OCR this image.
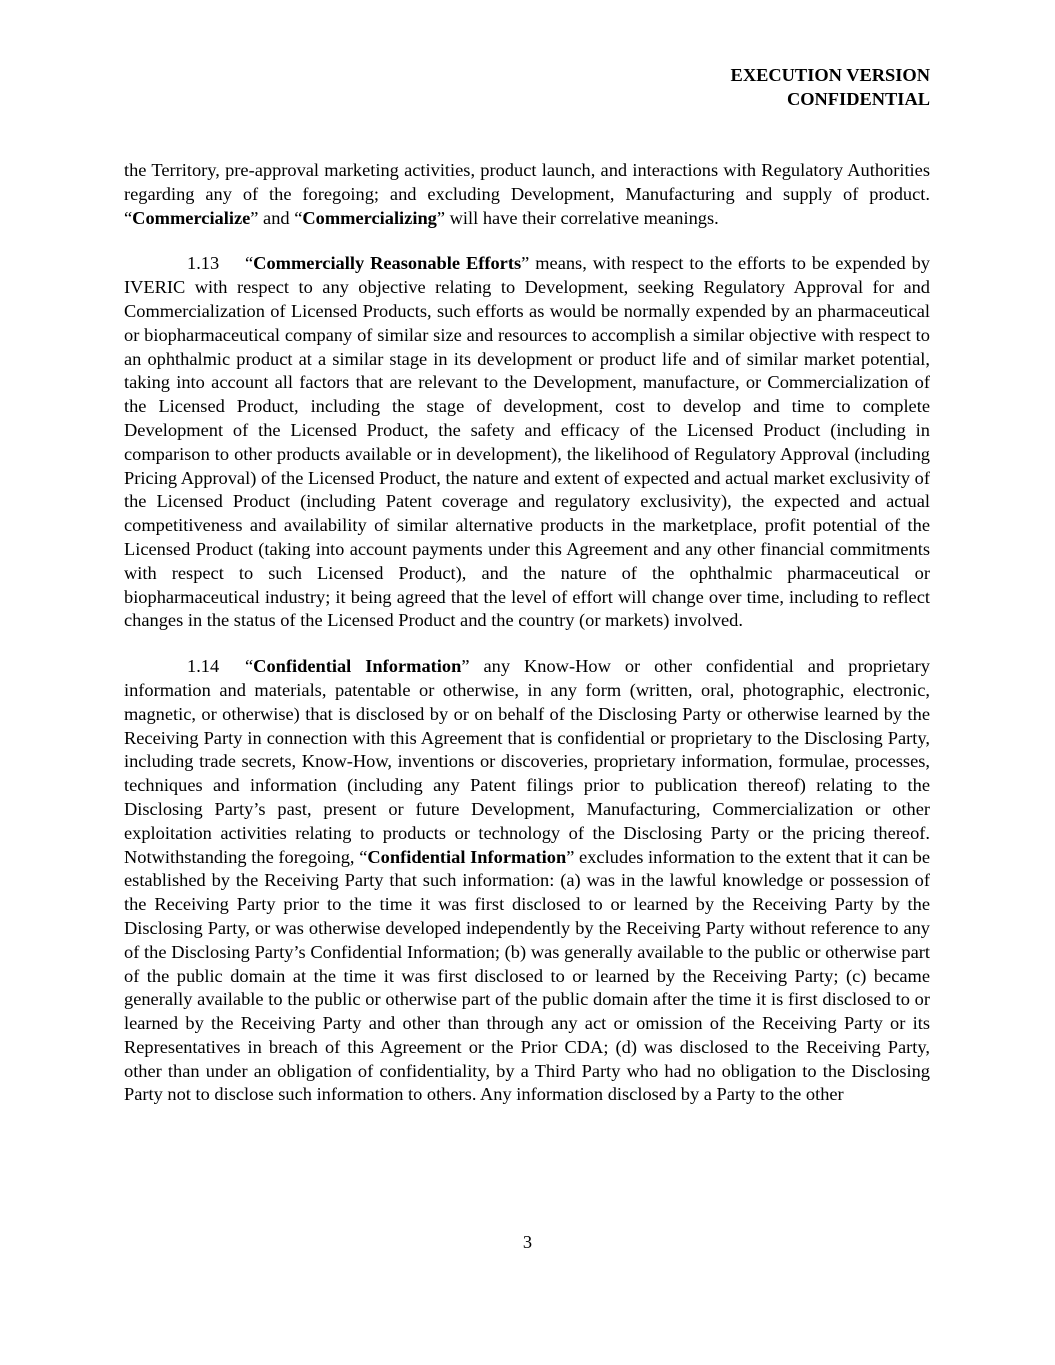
EXECUTION VERSION
CONFIDENTIAL

the Territory, pre-approval marketing activities, product launch, and interactions with Regulatory Authorities regarding any of the foregoing; and excluding Development, Manufacturing and supply of product. “Commercialize” and “Commercializing” will have their correlative meanings.

1.13 “Commercially Reasonable Efforts” means, with respect to the efforts to be expended by IVERIC with respect to any objective relating to Development, seeking Regulatory Approval for and Commercialization of Licensed Products, such efforts as would be normally expended by an pharmaceutical or biopharmaceutical company of similar size and resources to accomplish a similar objective with respect to an ophthalmic product at a similar stage in its development or product life and of similar market potential, taking into account all factors that are relevant to the Development, manufacture, or Commercialization of the Licensed Product, including the stage of development, cost to develop and time to complete Development of the Licensed Product, the safety and efficacy of the Licensed Product (including in comparison to other products available or in development), the likelihood of Regulatory Approval (including Pricing Approval) of the Licensed Product, the nature and extent of expected and actual market exclusivity of the Licensed Product (including Patent coverage and regulatory exclusivity), the expected and actual competitiveness and availability of similar alternative products in the marketplace, profit potential of the Licensed Product (taking into account payments under this Agreement and any other financial commitments with respect to such Licensed Product), and the nature of the ophthalmic pharmaceutical or biopharmaceutical industry; it being agreed that the level of effort will change over time, including to reflect changes in the status of the Licensed Product and the country (or markets) involved.

1.14 “Confidential Information” any Know-How or other confidential and proprietary information and materials, patentable or otherwise, in any form (written, oral, photographic, electronic, magnetic, or otherwise) that is disclosed by or on behalf of the Disclosing Party or otherwise learned by the Receiving Party in connection with this Agreement that is confidential or proprietary to the Disclosing Party, including trade secrets, Know-How, inventions or discoveries, proprietary information, formulae, processes, techniques and information (including any Patent filings prior to publication thereof) relating to the Disclosing Party’s past, present or future Development, Manufacturing, Commercialization or other exploitation activities relating to products or technology of the Disclosing Party or the pricing thereof. Notwithstanding the foregoing, “Confidential Information” excludes information to the extent that it can be established by the Receiving Party that such information: (a) was in the lawful knowledge or possession of the Receiving Party prior to the time it was first disclosed to or learned by the Receiving Party by the Disclosing Party, or was otherwise developed independently by the Receiving Party without reference to any of the Disclosing Party’s Confidential Information; (b) was generally available to the public or otherwise part of the public domain at the time it was first disclosed to or learned by the Receiving Party; (c) became generally available to the public or otherwise part of the public domain after the time it is first disclosed to or learned by the Receiving Party and other than through any act or omission of the Receiving Party or its Representatives in breach of this Agreement or the Prior CDA; (d) was disclosed to the Receiving Party, other than under an obligation of confidentiality, by a Third Party who had no obligation to the Disclosing Party not to disclose such information to others. Any information disclosed by a Party to the other

3
